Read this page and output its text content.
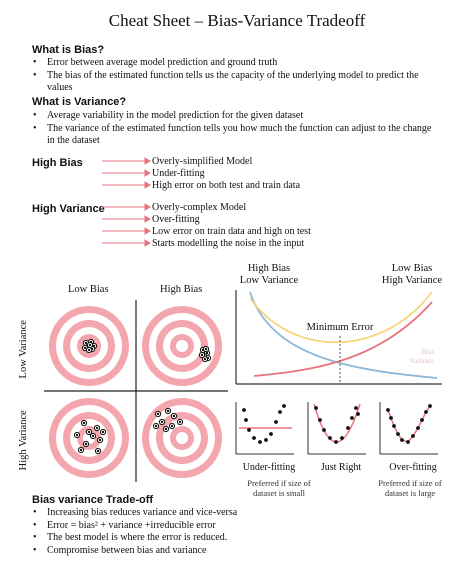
Cheat Sheet – Bias-Variance Tradeoff
What is Bias?
• Error between average model prediction and ground truth
• The bias of the estimated function tells us the capacity of the underlying model to predict the values
What is Variance?
• Average variability in the model prediction for the given dataset
• The variance of the estimated function tells you how much the function can adjust to the change in the dataset
High Bias	Overly-simplified Model
Under-fitting
High error on both test and train data
High Variance	Overly-complex Model
Over-fitting
Low error on train data and high on test
Starts modelling the noise in the input
Low Bias	High Bias
Low Variance
High Variance
High Bias
Low Variance
Low Bias
High Variance
Minimum Error
Bias
Variance
Under-fitting	Just Right	Over-fitting
Preferred if size of dataset is small
Preferred if size of dataset is large
Bias variance Trade-off
• Increasing bias reduces variance and vice-versa
• Error = bias² + variance +irreducible error
• The best model is where the error is reduced.
• Compromise between bias and variance
